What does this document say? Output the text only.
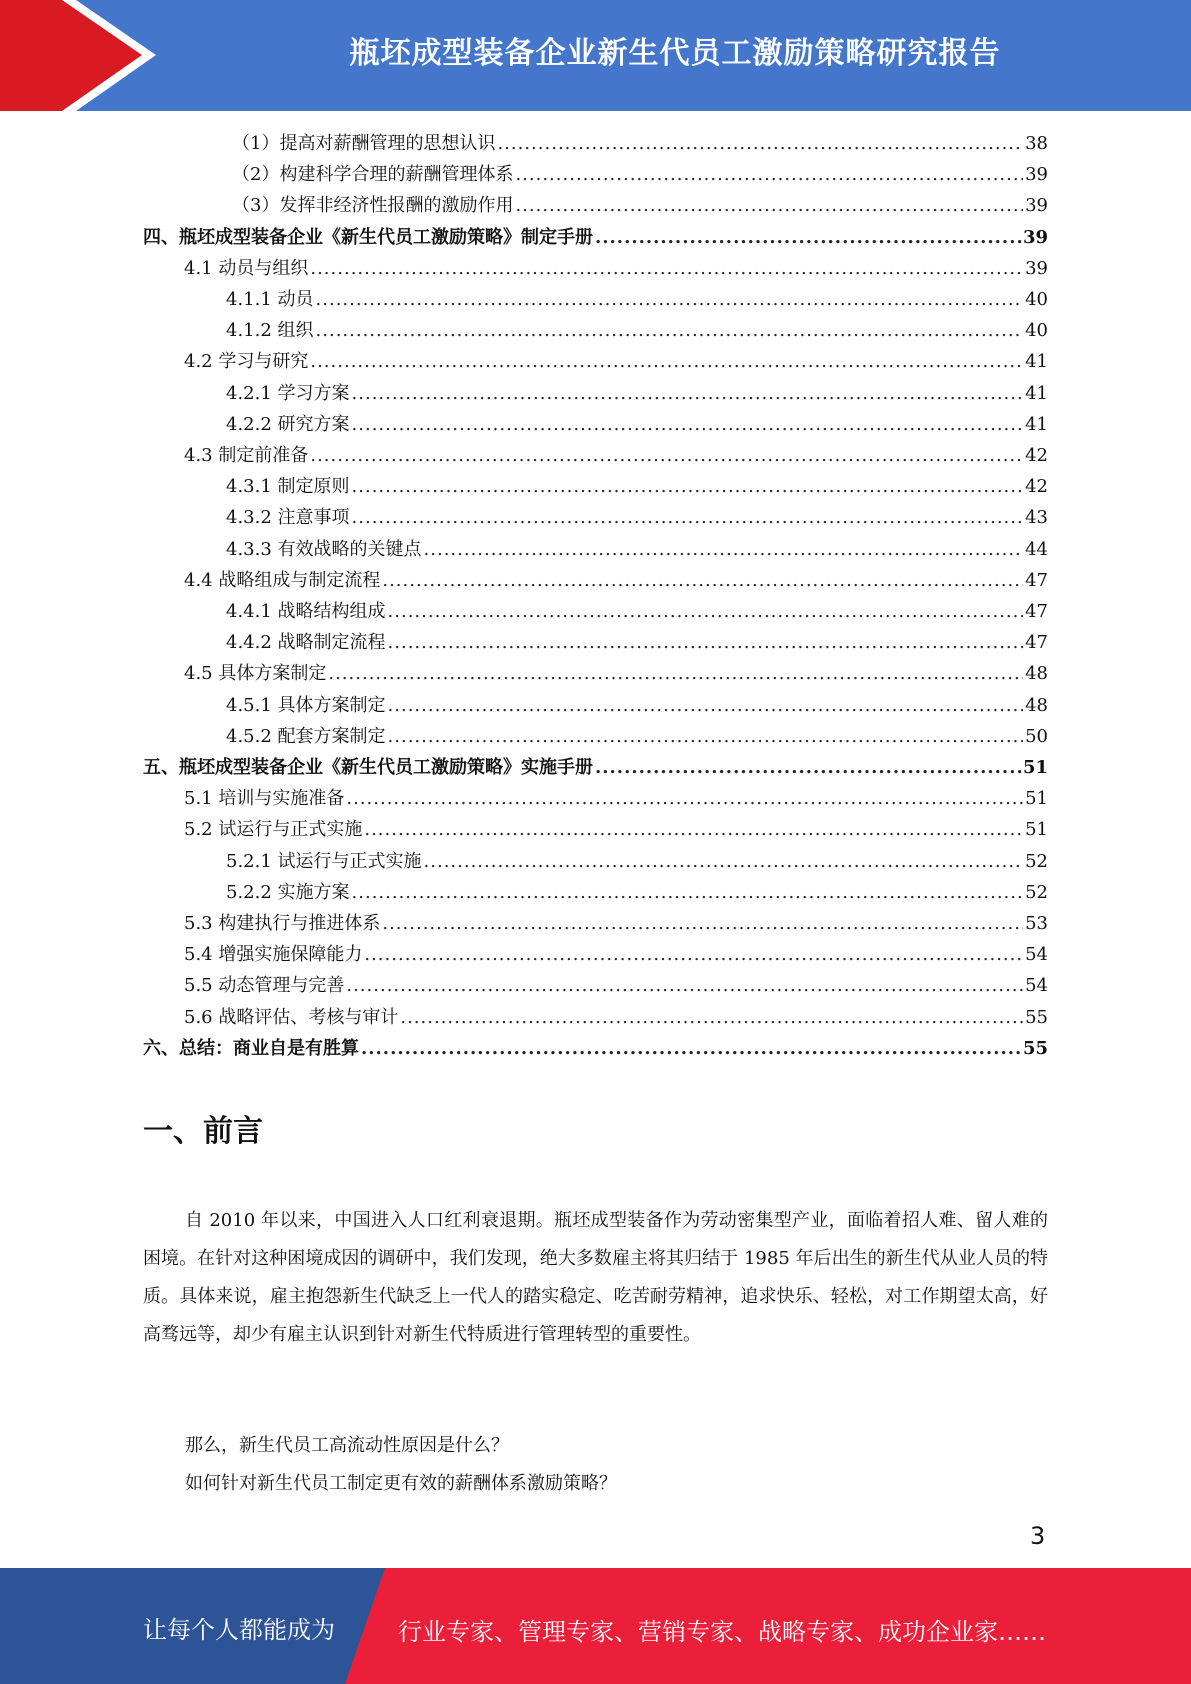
瓶坯成型装备企业新生代员工激励策略研究报告
（1）提高对薪酬管理的思想认识 .....	38
（2）构建科学合理的薪酬管理体系 .....	39
（3）发挥非经济性报酬的激励作用 .....	39
四、瓶坯成型装备企业《新生代员工激励策略》制定手册 .....	39
4.1 动员与组织 .....	39
4.1.1 动员 .....	40
4.1.2 组织 .....	40
4.2 学习与研究 .....	41
4.2.1 学习方案 .....	41
4.2.2 研究方案 .....	41
4.3 制定前准备 .....	42
4.3.1 制定原则 .....	42
4.3.2 注意事项 .....	43
4.3.3 有效战略的关键点 .....	44
4.4 战略组成与制定流程 .....	47
4.4.1 战略结构组成 .....	47
4.4.2 战略制定流程 .....	47
4.5 具体方案制定 .....	48
4.5.1 具体方案制定 .....	48
4.5.2 配套方案制定 .....	50
五、瓶坯成型装备企业《新生代员工激励策略》实施手册 .....	51
5.1 培训与实施准备 .....	51
5.2 试运行与正式实施 .....	51
5.2.1 试运行与正式实施 .....	52
5.2.2 实施方案 .....	52
5.3 构建执行与推进体系 .....	53
5.4 增强实施保障能力 .....	54
5.5 动态管理与完善 .....	54
5.6 战略评估、考核与审计 .....	55
六、总结：商业自是有胜算 .....	55
一、前言
自 2010 年以来，中国进入人口红利衰退期。瓶坯成型装备作为劳动密集型产业，面临着招人难、留人难的困境。在针对这种困境成因的调研中，我们发现，绝大多数雇主将其归结于 1985 年后出生的新生代从业人员的特质。具体来说，雇主抱怨新生代缺乏上一代人的踏实稳定、吃苦耐劳精神，追求快乐、轻松，对工作期望太高，好高骛远等，却少有雇主认识到针对新生代特质进行管理转型的重要性。
那么，新生代员工高流动性原因是什么？
如何针对新生代员工制定更有效的薪酬体系激励策略？
3
让每个人都能成为	行业专家、管理专家、营销专家、战略专家、成功企业家……
